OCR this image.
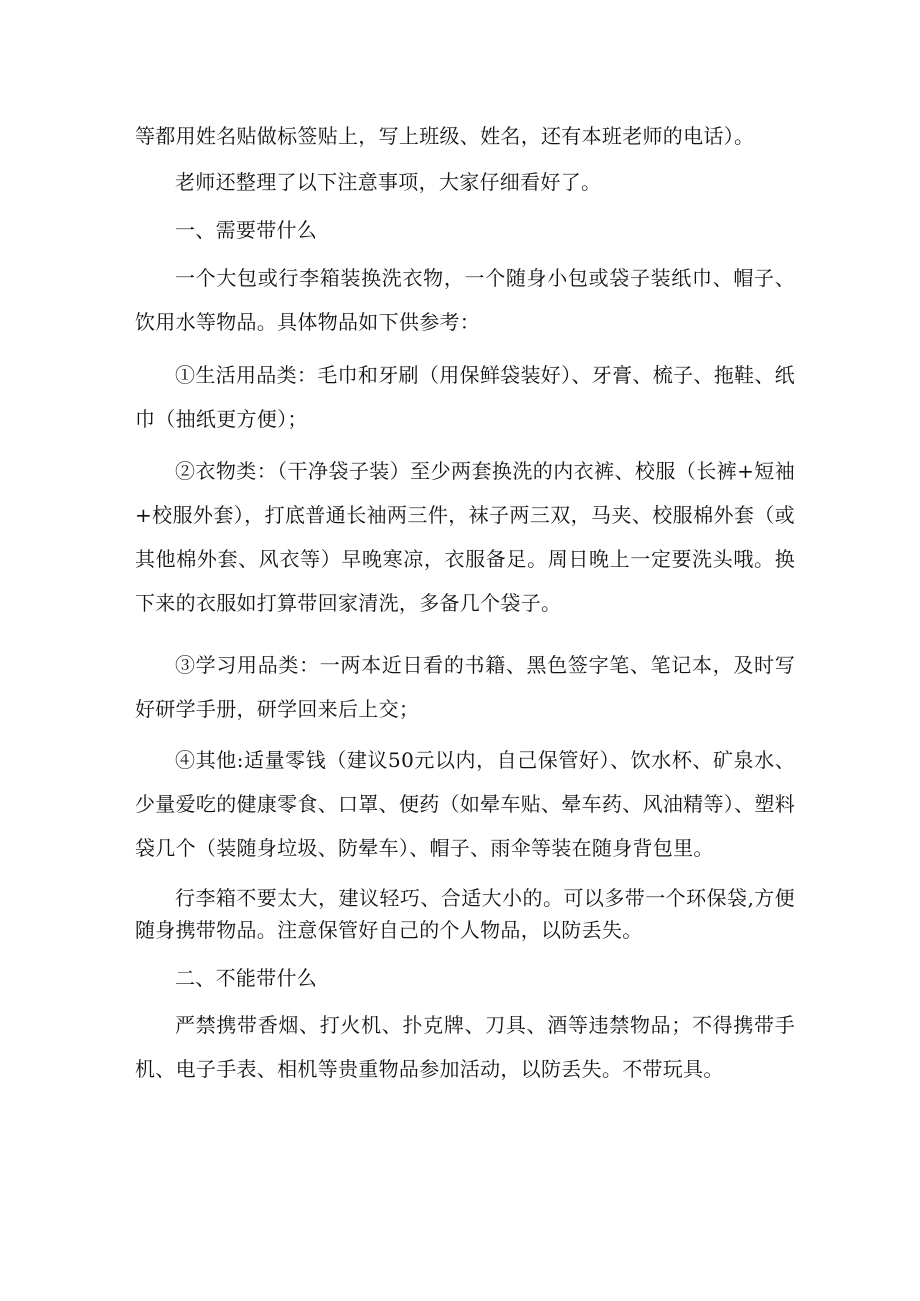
等都用姓名贴做标签贴上，写上班级、姓名，还有本班老师的电话）。

老师还整理了以下注意事项，大家仔细看好了。

一、需要带什么

一个大包或行李箱装换洗衣物，一个随身小包或袋子装纸巾、帽子、饮用水等物品。具体物品如下供参考：

①生活用品类：毛巾和牙刷（用保鲜袋装好）、牙膏、梳子、拖鞋、纸巾（抽纸更方便）；

②衣物类：（干净袋子装）至少两套换洗的内衣裤、校服（长裤+短袖+校服外套），打底普通长袖两三件，袜子两三双，马夹、校服棉外套（或其他棉外套、风衣等）早晚寒凉，衣服备足。周日晚上一定要洗头哦。换下来的衣服如打算带回家清洗，多备几个袋子。

③学习用品类：一两本近日看的书籍、黑色签字笔、笔记本，及时写好研学手册，研学回来后上交；

④其他:适量零钱（建议50元以内，自己保管好）、饮水杯、矿泉水、少量爱吃的健康零食、口罩、便药（如晕车贴、晕车药、风油精等）、塑料袋几个（装随身垃圾、防晕车）、帽子、雨伞等装在随身背包里。

行李箱不要太大，建议轻巧、合适大小的。可以多带一个环保袋,方便随身携带物品。注意保管好自己的个人物品，以防丢失。

二、不能带什么

严禁携带香烟、打火机、扑克牌、刀具、酒等违禁物品；不得携带手机、电子手表、相机等贵重物品参加活动，以防丢失。不带玩具。
